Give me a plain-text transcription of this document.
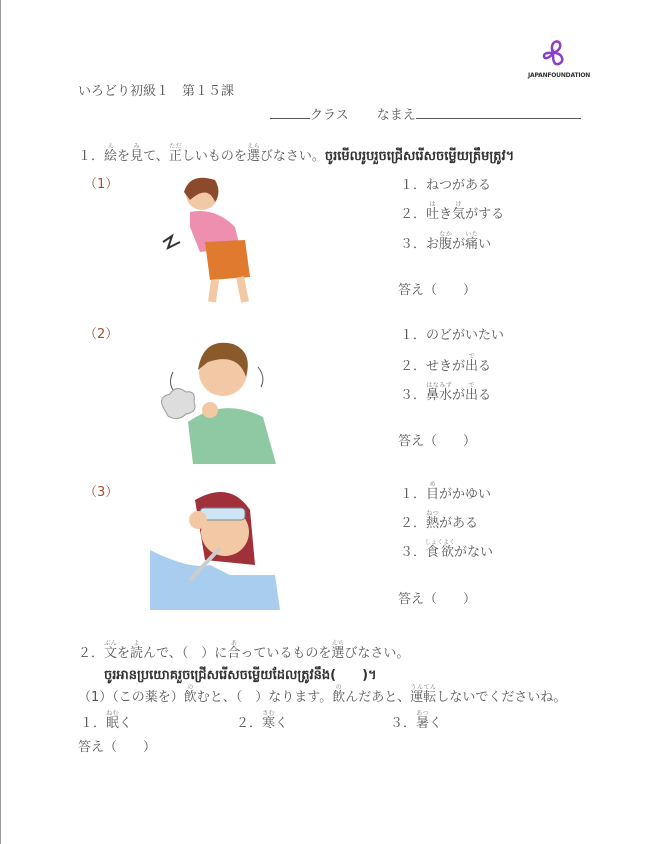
JAPANFOUNDATION
いろどり初級１　第１５課
クラス なまえ
１．絵えを見みて、正ただしいものを選えらびなさい。ចូរមើលរូបរួចជ្រើសរើសចម្លើយត្រឹមត្រូវ។
（1）	１．ねつがある
２．吐はき気けがする
３．お腹なかが痛いたい
答え（　　）
（2）	１．のどがいたい
２．せきが出でる
３．鼻水はなみずが出でる
答え（　　）
（3）	１．目めがかゆい
２．熱ねつがある
３．食欲しょくよくがない
答え（　　）
２．文ぶんを読よんで、（　）に合あっているものを選えらびなさい。
ចូរអានប្រយោគរួចជ្រើសរើសចម្លើយដែលត្រូវនឹង(　　)។
（1）（この薬を）飲のむと、（　）なります。飲のんだあと、運転うんてんしないでくださいね。
１．眠ねむく	２．寒さむく	３．暑あつく
答え（　　）
